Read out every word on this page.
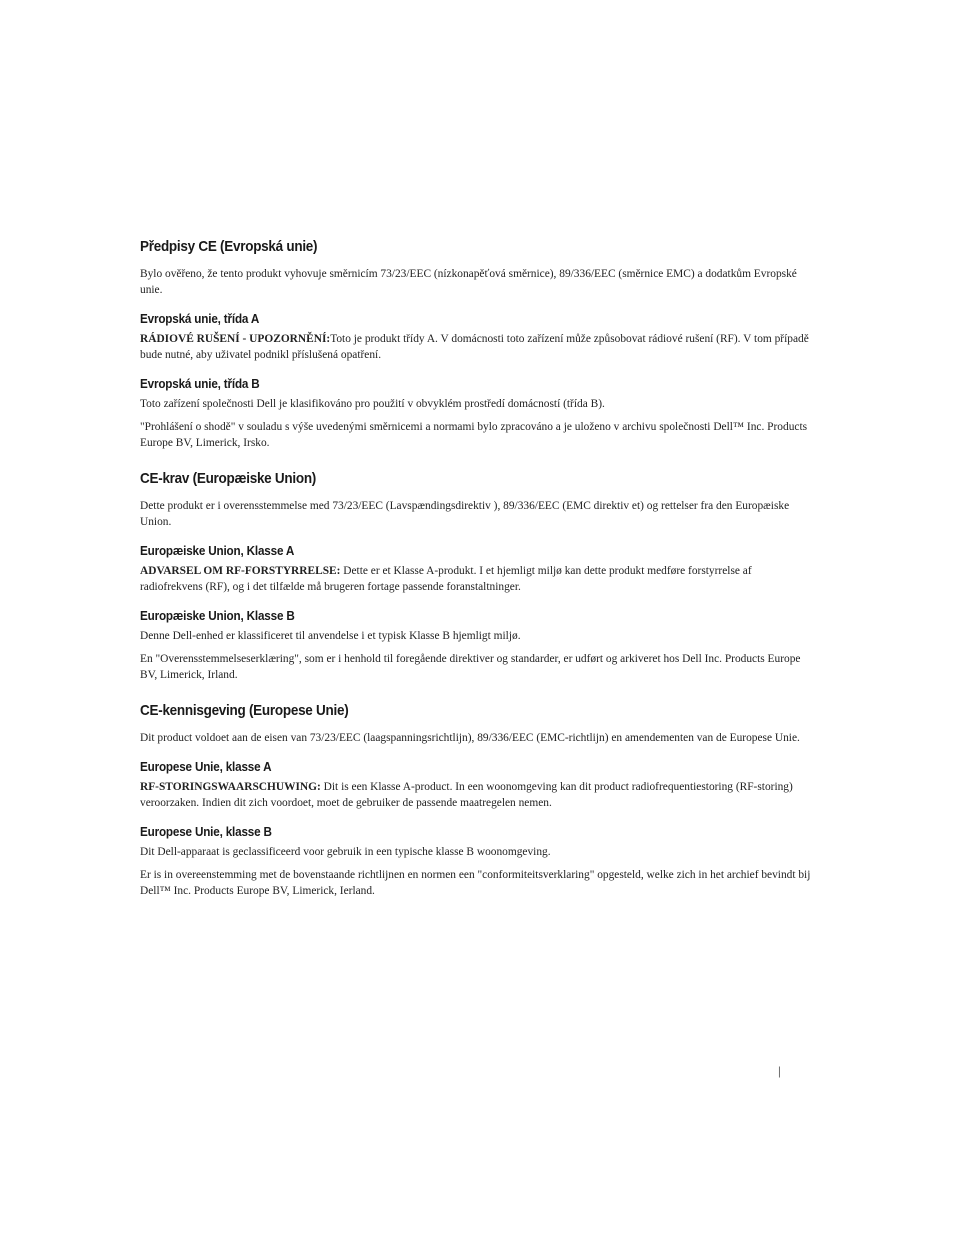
Předpisy CE (Evropská unie)

Bylo ověřeno, že tento produkt vyhovuje směrnicím 73/23/EEC (nízkonapěťová směrnice), 89/336/EEC (směrnice EMC) a dodatkům Evropské unie.

Evropská unie, třída A

RÁDIOVÉ RUŠENÍ - UPOZORNĚNÍ:Toto je produkt třídy A. V domácnosti toto zařízení může způsobovat rádiové rušení (RF). V tom případě bude nutné, aby uživatel podnikl příslušená opatření.

Evropská unie, třída B

Toto zařízení společnosti Dell je klasifikováno pro použití v obvyklém prostředí domácností (třída B).

"Prohlášení o shodě" v souladu s výše uvedenými směrnicemi a normami bylo zpracováno a je uloženo v archivu společnosti Dell™ Inc. Products Europe BV, Limerick, Irsko.

CE-krav (Europæiske Union)

Dette produkt er i overensstemmelse med 73/23/EEC (Lavspændingsdirektiv ), 89/336/EEC (EMC direktiv et) og rettelser fra den Europæiske Union.

Europæiske Union, Klasse A

ADVARSEL OM RF-FORSTYRRELSE: Dette er et Klasse A-produkt. I et hjemligt miljø kan dette produkt medføre forstyrrelse af radiofrekvens (RF), og i det tilfælde må brugeren fortage passende foranstaltninger.

Europæiske Union, Klasse B

Denne Dell-enhed er klassificeret til anvendelse i et typisk Klasse B hjemligt miljø.

En "Overensstemmelseserklæring", som er i henhold til foregående direktiver og standarder, er udført og arkiveret hos Dell Inc. Products Europe BV, Limerick, Irland.

CE-kennisgeving (Europese Unie)

Dit product voldoet aan de eisen van 73/23/EEC (laagspanningsrichtlijn), 89/336/EEC (EMC-richtlijn) en amendementen van de Europese Unie.

Europese Unie, klasse A

RF-STORINGSWAARSCHUWING: Dit is een Klasse A-product. In een woonomgeving kan dit product radiofrequentiestoring (RF-storing) veroorzaken. Indien dit zich voordoet, moet de gebruiker de passende maatregelen nemen.

Europese Unie, klasse B

Dit Dell-apparaat is geclassificeerd voor gebruik in een typische klasse B woonomgeving.

Er is in overeenstemming met de bovenstaande richtlijnen en normen een "conformiteitsverklaring" opgesteld, welke zich in het archief bevindt bij Dell™ Inc. Products Europe BV, Limerick, Ierland.

|
